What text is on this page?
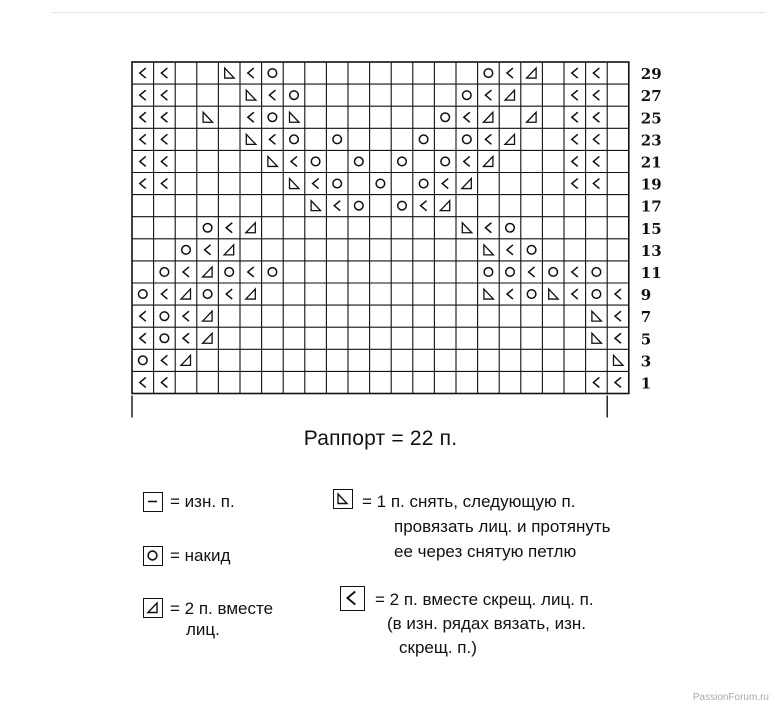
29
27
25
23
21
19
17
15
13
11
9
7
5
3
1
Раппорт = 22 п.
= изн. п.
= накид
= 2 п. вместе
лиц.
= 1 п. снять, следующую п.
провязать лиц. и протянуть
ее через снятую петлю
= 2 п. вместе скрещ. лиц. п.
(в изн. рядах вязать, изн.
скрещ. п.)
PassionForum.ru
